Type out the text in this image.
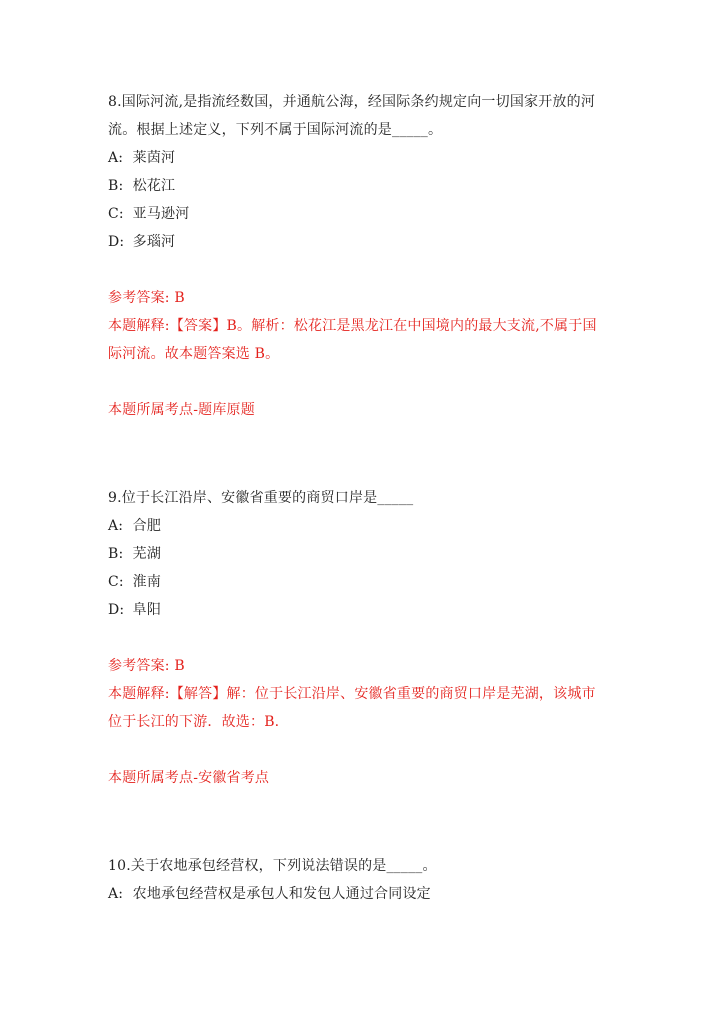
8.国际河流,是指流经数国，并通航公海，经国际条约规定向一切国家开放的河
流。根据上述定义，下列不属于国际河流的是_____。
A: 莱茵河
B: 松花江
C: 亚马逊河
D: 多瑙河
参考答案: B
本题解释:【答案】B。解析：松花江是黑龙江在中国境内的最大支流,不属于国
际河流。故本题答案选 B。
本题所属考点-题库原题
9.位于长江沿岸、安徽省重要的商贸口岸是_____
A: 合肥
B: 芜湖
C: 淮南
D: 阜阳
参考答案: B
本题解释:【解答】解：位于长江沿岸、安徽省重要的商贸口岸是芜湖，该城市
位于长江的下游．故选：B.
本题所属考点-安徽省考点
10.关于农地承包经营权，下列说法错误的是_____。
A: 农地承包经营权是承包人和发包人通过合同设定
